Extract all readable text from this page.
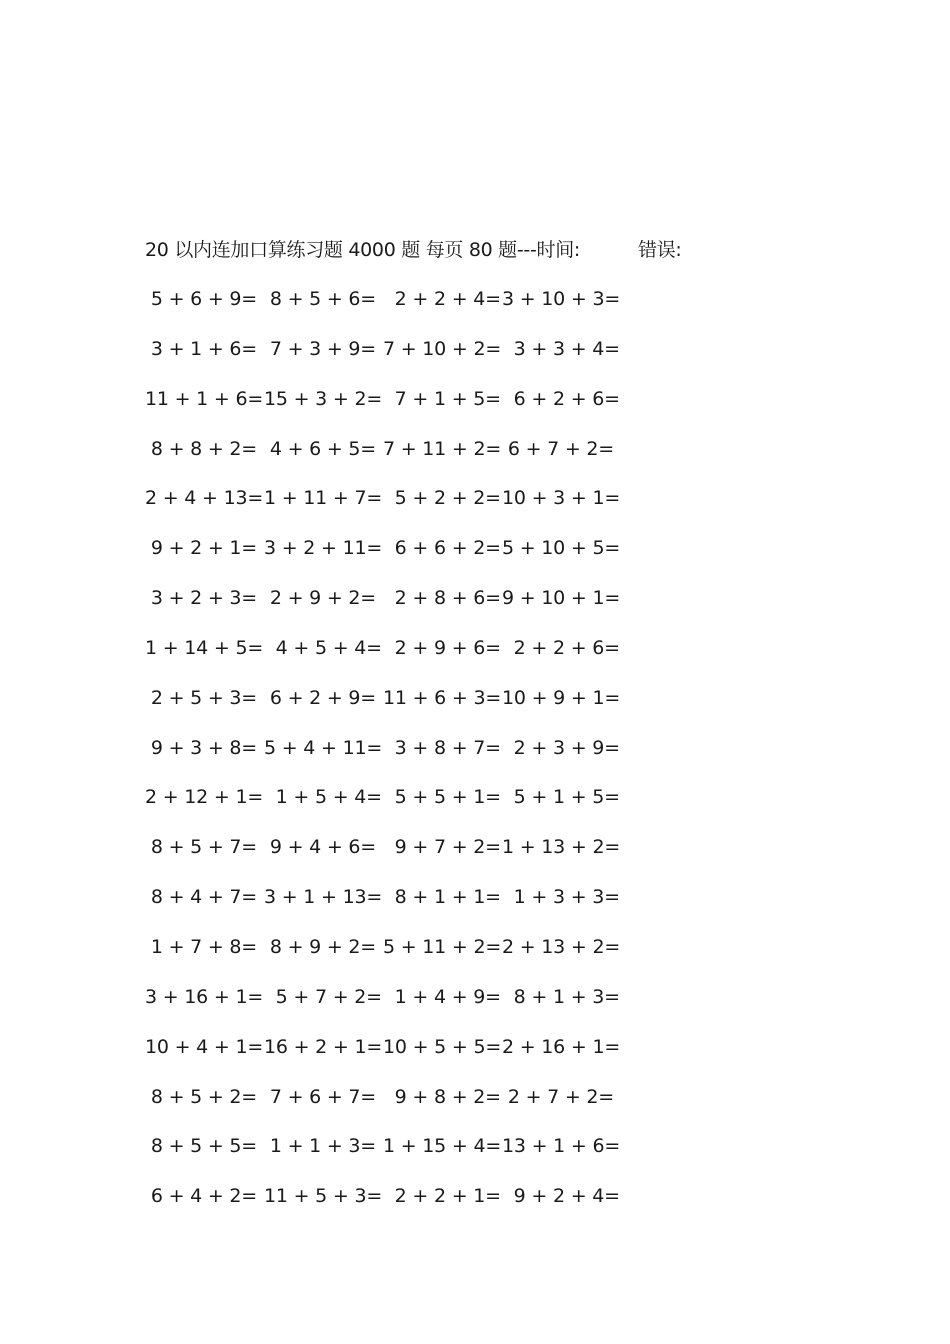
20 以内连加口算练习题 4000 题 每页 80 题---时间:	错误:
5 + 6 + 9= 8 + 5 + 6= 2 + 2 + 4= 3 + 10 + 3=
3 + 1 + 6= 7 + 3 + 9= 7 + 10 + 2= 3 + 3 + 4=
11 + 1 + 6= 15 + 3 + 2= 7 + 1 + 5= 6 + 2 + 6=
8 + 8 + 2= 4 + 6 + 5= 7 + 11 + 2= 6 + 7 + 2=
2 + 4 + 13= 1 + 11 + 7= 5 + 2 + 2= 10 + 3 + 1=
9 + 2 + 1= 3 + 2 + 11= 6 + 6 + 2= 5 + 10 + 5=
3 + 2 + 3= 2 + 9 + 2= 2 + 8 + 6= 9 + 10 + 1=
1 + 14 + 5= 4 + 5 + 4= 2 + 9 + 6= 2 + 2 + 6=
2 + 5 + 3= 6 + 2 + 9= 11 + 6 + 3= 10 + 9 + 1=
9 + 3 + 8= 5 + 4 + 11= 3 + 8 + 7= 2 + 3 + 9=
2 + 12 + 1= 1 + 5 + 4= 5 + 5 + 1= 5 + 1 + 5=
8 + 5 + 7= 9 + 4 + 6= 9 + 7 + 2= 1 + 13 + 2=
8 + 4 + 7= 3 + 1 + 13= 8 + 1 + 1= 1 + 3 + 3=
1 + 7 + 8= 8 + 9 + 2= 5 + 11 + 2= 2 + 13 + 2=
3 + 16 + 1= 5 + 7 + 2= 1 + 4 + 9= 8 + 1 + 3=
10 + 4 + 1= 16 + 2 + 1= 10 + 5 + 5= 2 + 16 + 1=
8 + 5 + 2= 7 + 6 + 7= 9 + 8 + 2= 2 + 7 + 2=
8 + 5 + 5= 1 + 1 + 3= 1 + 15 + 4= 13 + 1 + 6=
6 + 4 + 2= 11 + 5 + 3= 2 + 2 + 1= 9 + 2 + 4=
